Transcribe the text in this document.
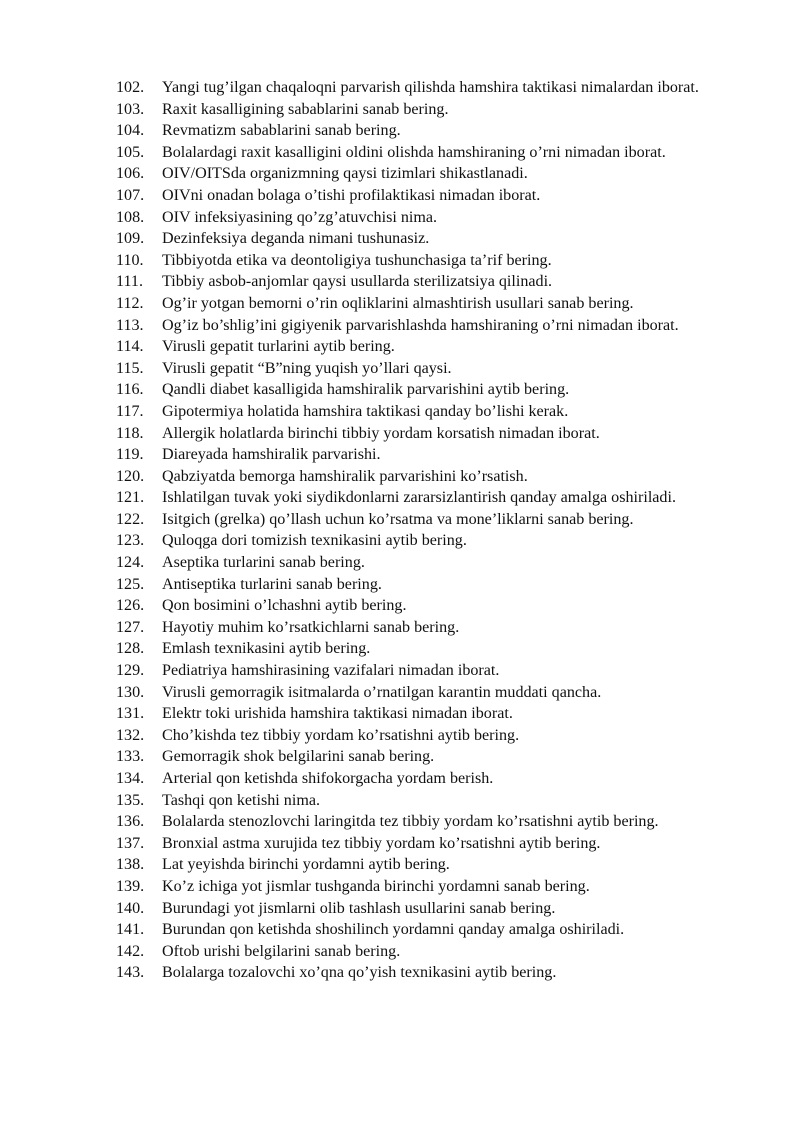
102.	Yangi tug’ilgan chaqaloqni parvarish qilishda hamshira taktikasi nimalardan iborat.
103.	Raxit kasalligining sabablarini sanab bering.
104.	Revmatizm sabablarini sanab bering.
105.	Bolalardagi raxit kasalligini oldini olishda hamshiraning o’rni nimadan iborat.
106.	OIV/OITSda organizmning qaysi tizimlari shikastlanadi.
107.	OIVni onadan bolaga o’tishi profilaktikasi nimadan iborat.
108.	OIV infeksiyasining qo’zg’atuvchisi nima.
109.	Dezinfeksiya deganda nimani tushunasiz.
110.	Tibbiyotda etika va deontoligiya tushunchasiga ta’rif bering.
111.	Tibbiy asbob-anjomlar qaysi usullarda sterilizatsiya qilinadi.
112.	Og’ir yotgan bemorni o’rin oqliklarini almashtirish usullari sanab bering.
113.	Og’iz bo’shlig’ini gigiyenik parvarishlashda hamshiraning o’rni nimadan iborat.
114.	Virusli gepatit turlarini aytib bering.
115.	Virusli gepatit “B”ning yuqish yo’llari qaysi.
116.	Qandli diabet kasalligida hamshiralik parvarishini aytib bering.
117.	Gipotermiya holatida hamshira taktikasi qanday bo’lishi kerak.
118.	Allergik holatlarda birinchi tibbiy yordam korsatish nimadan iborat.
119.	Diareyada hamshiralik parvarishi.
120.	Qabziyatda bemorga hamshiralik parvarishini ko’rsatish.
121.	Ishlatilgan tuvak yoki siydikdonlarni zararsizlantirish qanday amalga oshiriladi.
122.	Isitgich (grelka) qo’llash uchun ko’rsatma va mone’liklarni sanab bering.
123.	Quloqga dori tomizish texnikasini aytib bering.
124.	Aseptika turlarini sanab bering.
125.	Antiseptika turlarini sanab bering.
126.	Qon bosimini o’lchashni aytib bering.
127.	Hayotiy muhim ko’rsatkichlarni sanab bering.
128.	Emlash texnikasini aytib bering.
129.	Pediatriya hamshirasining vazifalari nimadan iborat.
130.	Virusli gemorragik isitmalarda o’rnatilgan karantin muddati qancha.
131.	Elektr toki urishida hamshira taktikasi nimadan iborat.
132.	Cho’kishda tez tibbiy yordam ko’rsatishni aytib bering.
133.	Gemorragik shok belgilarini sanab bering.
134.	Arterial qon ketishda shifokorgacha yordam berish.
135.	Tashqi qon ketishi nima.
136.	Bolalarda stenozlovchi laringitda tez tibbiy yordam ko’rsatishni aytib bering.
137.	Bronxial astma xurujida tez tibbiy yordam ko’rsatishni aytib bering.
138.	Lat yeyishda birinchi yordamni aytib bering.
139.	Ko’z ichiga yot jismlar tushganda birinchi yordamni sanab bering.
140.	Burundagi yot jismlarni olib tashlash usullarini sanab bering.
141.	Burundan qon ketishda shoshilinch yordamni qanday amalga oshiriladi.
142.	Oftob urishi belgilarini sanab bering.
143.	Bolalarga tozalovchi xo’qna qo’yish texnikasini aytib bering.
